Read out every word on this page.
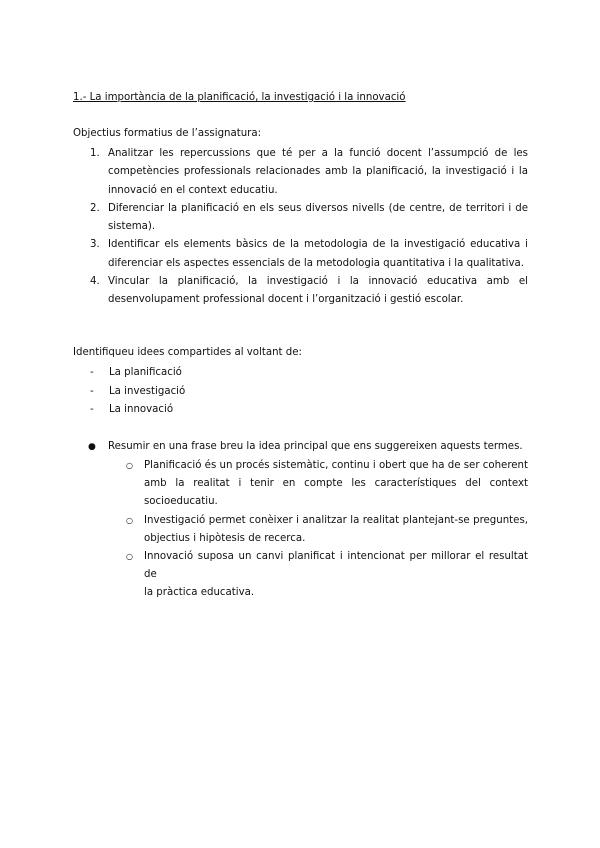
1.- La importància de la planificació, la investigació i la innovació
Objectius formatius de l’assignatura:
1. Analitzar les repercussions que té per a la funció docent l’assumpció de les
competències professionals relacionades amb la planificació, la investigació i la
innovació en el context educatiu.
2. Diferenciar la planificació en els seus diversos nivells (de centre, de territori i de
sistema).
3. Identificar els elements bàsics de la metodologia de la investigació educativa i
diferenciar els aspectes essencials de la metodologia quantitativa i la qualitativa.
4. Vincular la planificació, la investigació i la innovació educativa amb el
desenvolupament professional docent i l’organització i gestió escolar.
Identifiqueu idees compartides al voltant de:
- La planificació
- La investigació
- La innovació
● Resumir en una frase breu la idea principal que ens suggereixen aquests termes.
○ Planificació és un procés sistemàtic, continu i obert que ha de ser coherent
amb la realitat i tenir en compte les característiques del context
socioeducatiu.
○ Investigació permet conèixer i analitzar la realitat plantejant-se preguntes,
objectius i hipòtesis de recerca.
○ Innovació suposa un canvi planificat i intencionat per millorar el resultat de
la pràctica educativa.
